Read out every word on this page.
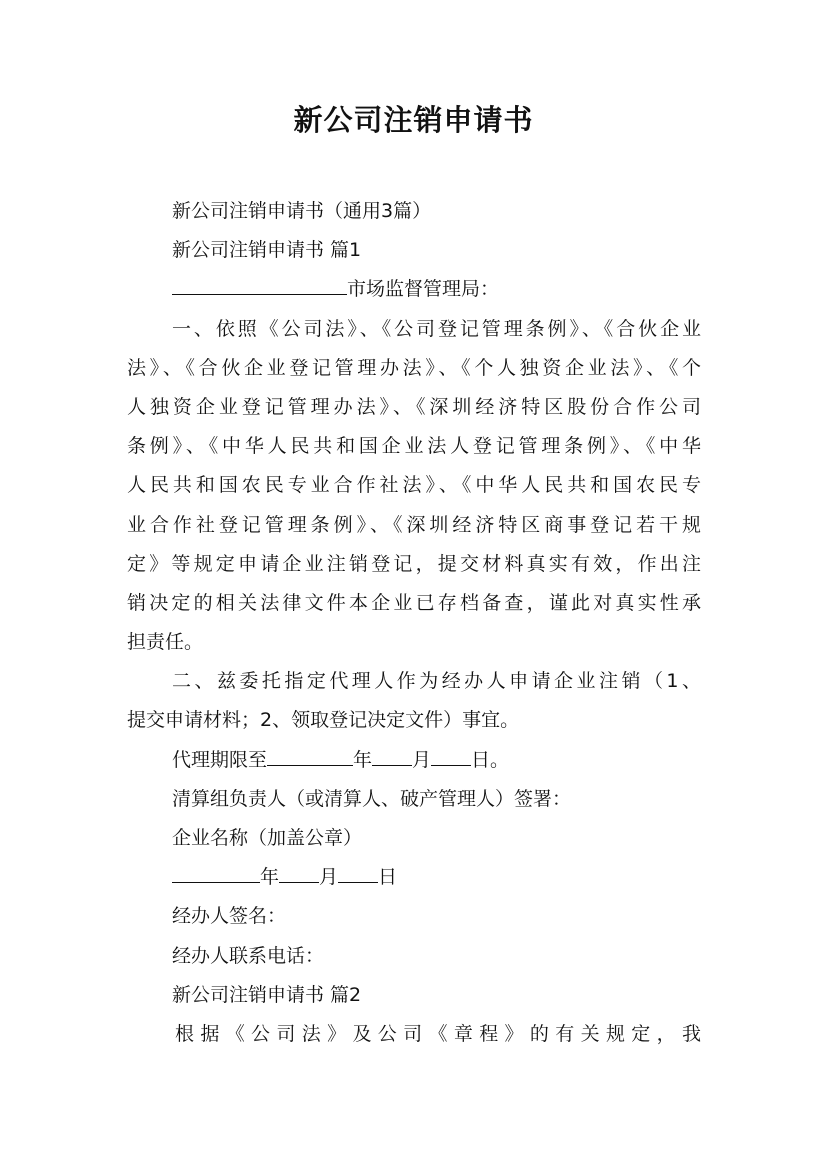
新公司注销申请书
新公司注销申请书（通用3篇）
新公司注销申请书 篇1
市场监督管理局：
一、依照《公司法》、《公司登记管理条例》、《合伙企业
法》、《合伙企业登记管理办法》、《个人独资企业法》、《个
人独资企业登记管理办法》、《深圳经济特区股份合作公司
条例》、《中华人民共和国企业法人登记管理条例》、《中华
人民共和国农民专业合作社法》、《中华人民共和国农民专
业合作社登记管理条例》、《深圳经济特区商事登记若干规
定》等规定申请企业注销登记，提交材料真实有效，作出注
销决定的相关法律文件本企业已存档备查，谨此对真实性承
担责任。
二、兹委托指定代理人作为经办人申请企业注销（1、
提交申请材料；2、领取登记决定文件）事宜。
代理期限至	年 月 日。
清算组负责人（或清算人、破产管理人）签署：
企业名称（加盖公章）
年 月 日
经办人签名：
经办人联系电话：
新公司注销申请书 篇2
根据《公司法》及公司《章程》的有关规定，我
